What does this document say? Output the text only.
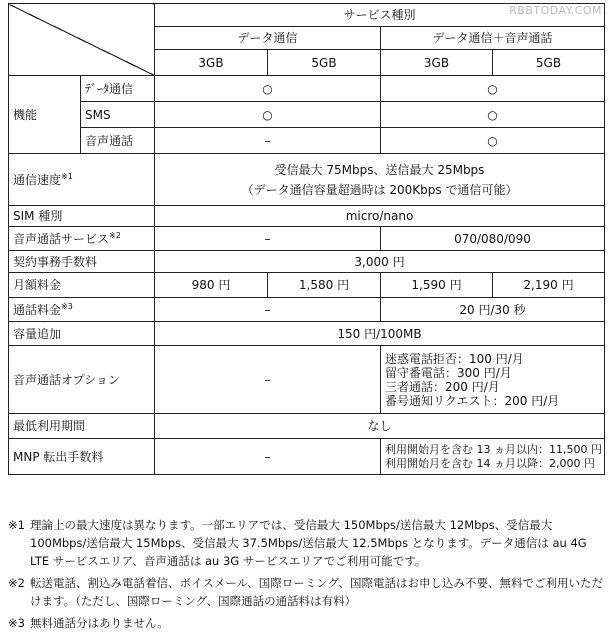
RBBTODAY.COM
		サービス種別			
		データ通信		データ通信＋音声通話	
		3GB	5GB	3GB	5GB
機能	ﾃﾞｰﾀ通信	○		○	
	SMS	○		○	
	音声通話	–		○	
通信速度$^{※1}$		受信最大 75Mbps、送信最大 25Mbps
（データ通信容量超過時は 200Kbps で通信可能）			

SIM 種別		micro/nano			
音声通話サービス$^{※2}$		–		070/080/090	
契約事務手数料		3,000 円			
月額料金		980 円	1,580 円	1,590 円	2,190 円
通話料金$^{※3}$		–		20 円/30 秒	
容量追加		150 円/100MB			
音声通話オプション		–		迷惑電話拒否：100 円/月
留守番電話：300 円/月
三者通話：200 円/月
番号通知リクエスト：200 円/月	

最低利用期間		なし			
MNP 転出手数料		–		利用開始月を含む 13 ヵ月以内：11,500 円
利用開始月を含む 14 ヵ月以降：2,000 円	
※1 理論上の最大速度は異なります。一部エリアでは、受信最大 150Mbps/送信最大 12Mbps、受信最大 100Mbps/送信最大 15Mbps、受信最大 37.5Mbps/送信最大 12.5Mbps となります。データ通信は au 4G LTE サービスエリア、音声通話は au 3G サービスエリアでご利用可能です。
※2 転送電話、割込み電話着信、ボイスメール、国際ローミング、国際電話はお申し込み不要、無料でご利用いただけます。（ただし、国際ローミング、国際通話の通話料は有料）
※3 無料通話分はありません。
